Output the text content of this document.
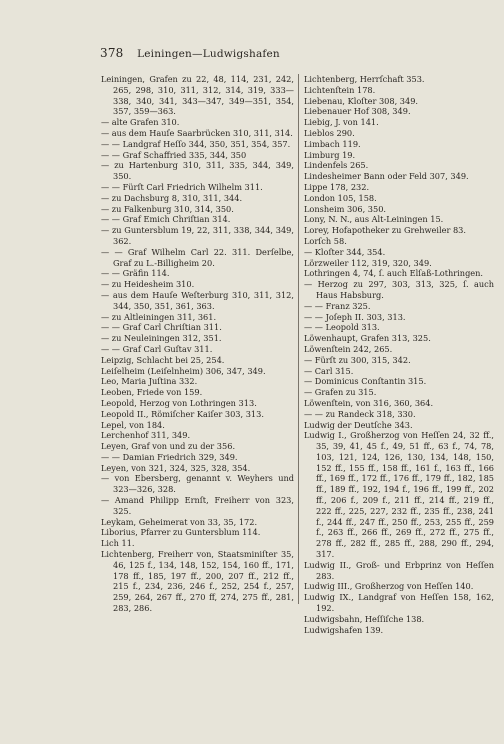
378 Leiningen—Ludwigshafen
Leiningen, Grafen zu 22, 48, 114, 231, 242, 265, 298, 310, 311, 312, 314, 319, 333—338, 340, 341, 343—347, 349—351, 354, 357, 359—363.
— alte Grafen 310.
— aus dem Hauſe Saarbrücken 310, 311, 314.
— — Landgraf Heſſo 344, 350, 351, 354, 357.
— — Graf Schaffried 335, 344, 350
— zu Hartenburg 310, 311, 335, 344, 349, 350.
— — Fürſt Carl Friedrich Wilhelm 311.
— zu Dachsburg 8, 310, 311, 344.
— zu Falkenburg 310, 314, 350.
— — Graf Emich Chriſtian 314.
— zu Guntersblum 19, 22, 311, 338, 344, 349, 362.
— — Graf Wilhelm Carl 22. 311. Derſelbe, Graf zu L.-Billigheim 20.
— — Gräfin 114.
— zu Heidesheim 310.
— aus dem Hauſe Weſterburg 310, 311, 312, 344, 350, 351, 361, 363.
— zu Altleiningen 311, 361.
— — Graf Carl Chriſtian 311.
— zu Neuleiningen 312, 351.
— — Graf Carl Guſtav 311.
Leipzig, Schlacht bei 25, 254.
Leiſelheim (Leiſelnheim) 306, 347, 349.
Leo, Maria Juſtina 332.
Leoben, Friede von 159.
Leopold, Herzog von Lothringen 313.
Leopold II., Römiſcher Kaiſer 303, 313.
Lepel, von 184.
Lerchenhof 311, 349.
Leyen, Graf von und zu der 356.
— — Damian Friedrich 329, 349.
Leyen, von 321, 324, 325, 328, 354.
— von Ebersberg, genannt v. Weyhers und 323—326, 328.
— Amand Philipp Ernſt, Freiherr von 323, 325.
Leykam, Geheimerat von 33, 35, 172.
Liborius, Pfarrer zu Guntersblum 114.
Lich 11.
Lichtenberg, Freiherr von, Staatsminiſter 35, 46, 125 f., 134, 148, 152, 154, 160 ff., 171, 178 ff., 185, 197 ff., 200, 207 ff., 212 ff., 215 f., 234, 236, 246 f., 252, 254 f., 257, 259, 264, 267 ff., 270 ff, 274, 275 ff., 281, 283, 286.
Lichtenberg, Herrſchaft 353.
Lichtenſtein 178.
Liebenau, Kloſter 308, 349.
Liebenauer Hof 308, 349.
Liebig, J. von 141.
Lieblos 290.
Limbach 119.
Limburg 19.
Lindenfels 265.
Lindesheimer Bann oder Feld 307, 349.
Lippe 178, 232.
London 105, 158.
Lonsheim 306, 350.
Lony, N. N., aus Alt-Leiningen 15.
Lorey, Hofapotheker zu Grehweiler 83.
Lorſch 58.
— Kloſter 344, 354.
Lörzweiler 112, 319, 320, 349.
Lothringen 4, 74, ſ. auch Elſaß-Lothringen.
— Herzog zu 297, 303, 313, 325, ſ. auch Haus Habsburg.
— — Franz 325.
— — Joſeph II. 303, 313.
— — Leopold 313.
Löwenhaupt, Grafen 313, 325.
Löwenſtein 242, 265.
— Fürſt zu 300, 315, 342.
— Carl 315.
— Dominicus Conſtantin 315.
— Grafen zu 315.
Löwenſtein, von 316, 360, 364.
— — zu Randeck 318, 330.
Ludwig der Deutſche 343.
Ludwig I., Großherzog von Heſſen 24, 32 ff., 35, 39, 41, 45 f., 49, 51 ff., 63 f., 74, 78, 103, 121, 124, 126, 130, 134, 148, 150, 152 ff., 155 ff., 158 ff., 161 f., 163 ff., 166 ff., 169 ff., 172 ff., 176 ff., 179 ff., 182, 185 ff., 189 ff., 192, 194 f., 196 ff., 199 ff., 202 ff., 206 f., 209 f., 211 ff., 214 ff., 219 ff., 222 ff., 225, 227, 232 ff., 235 ff., 238, 241 f., 244 ff., 247 ff., 250 ff., 253, 255 ff., 259 f., 263 ff., 266 ff., 269 ff., 272 ff., 275 ff., 278 ff., 282 ff., 285 ff., 288, 290 ff., 294, 317.
Ludwig II., Groß- und Erbprinz von Heſſen 283.
Ludwig III., Großherzog von Heſſen 140.
Ludwig IX., Landgraf von Heſſen 158, 162, 192.
Ludwigsbahn, Heſſiſche 138.
Ludwigshafen 139.
